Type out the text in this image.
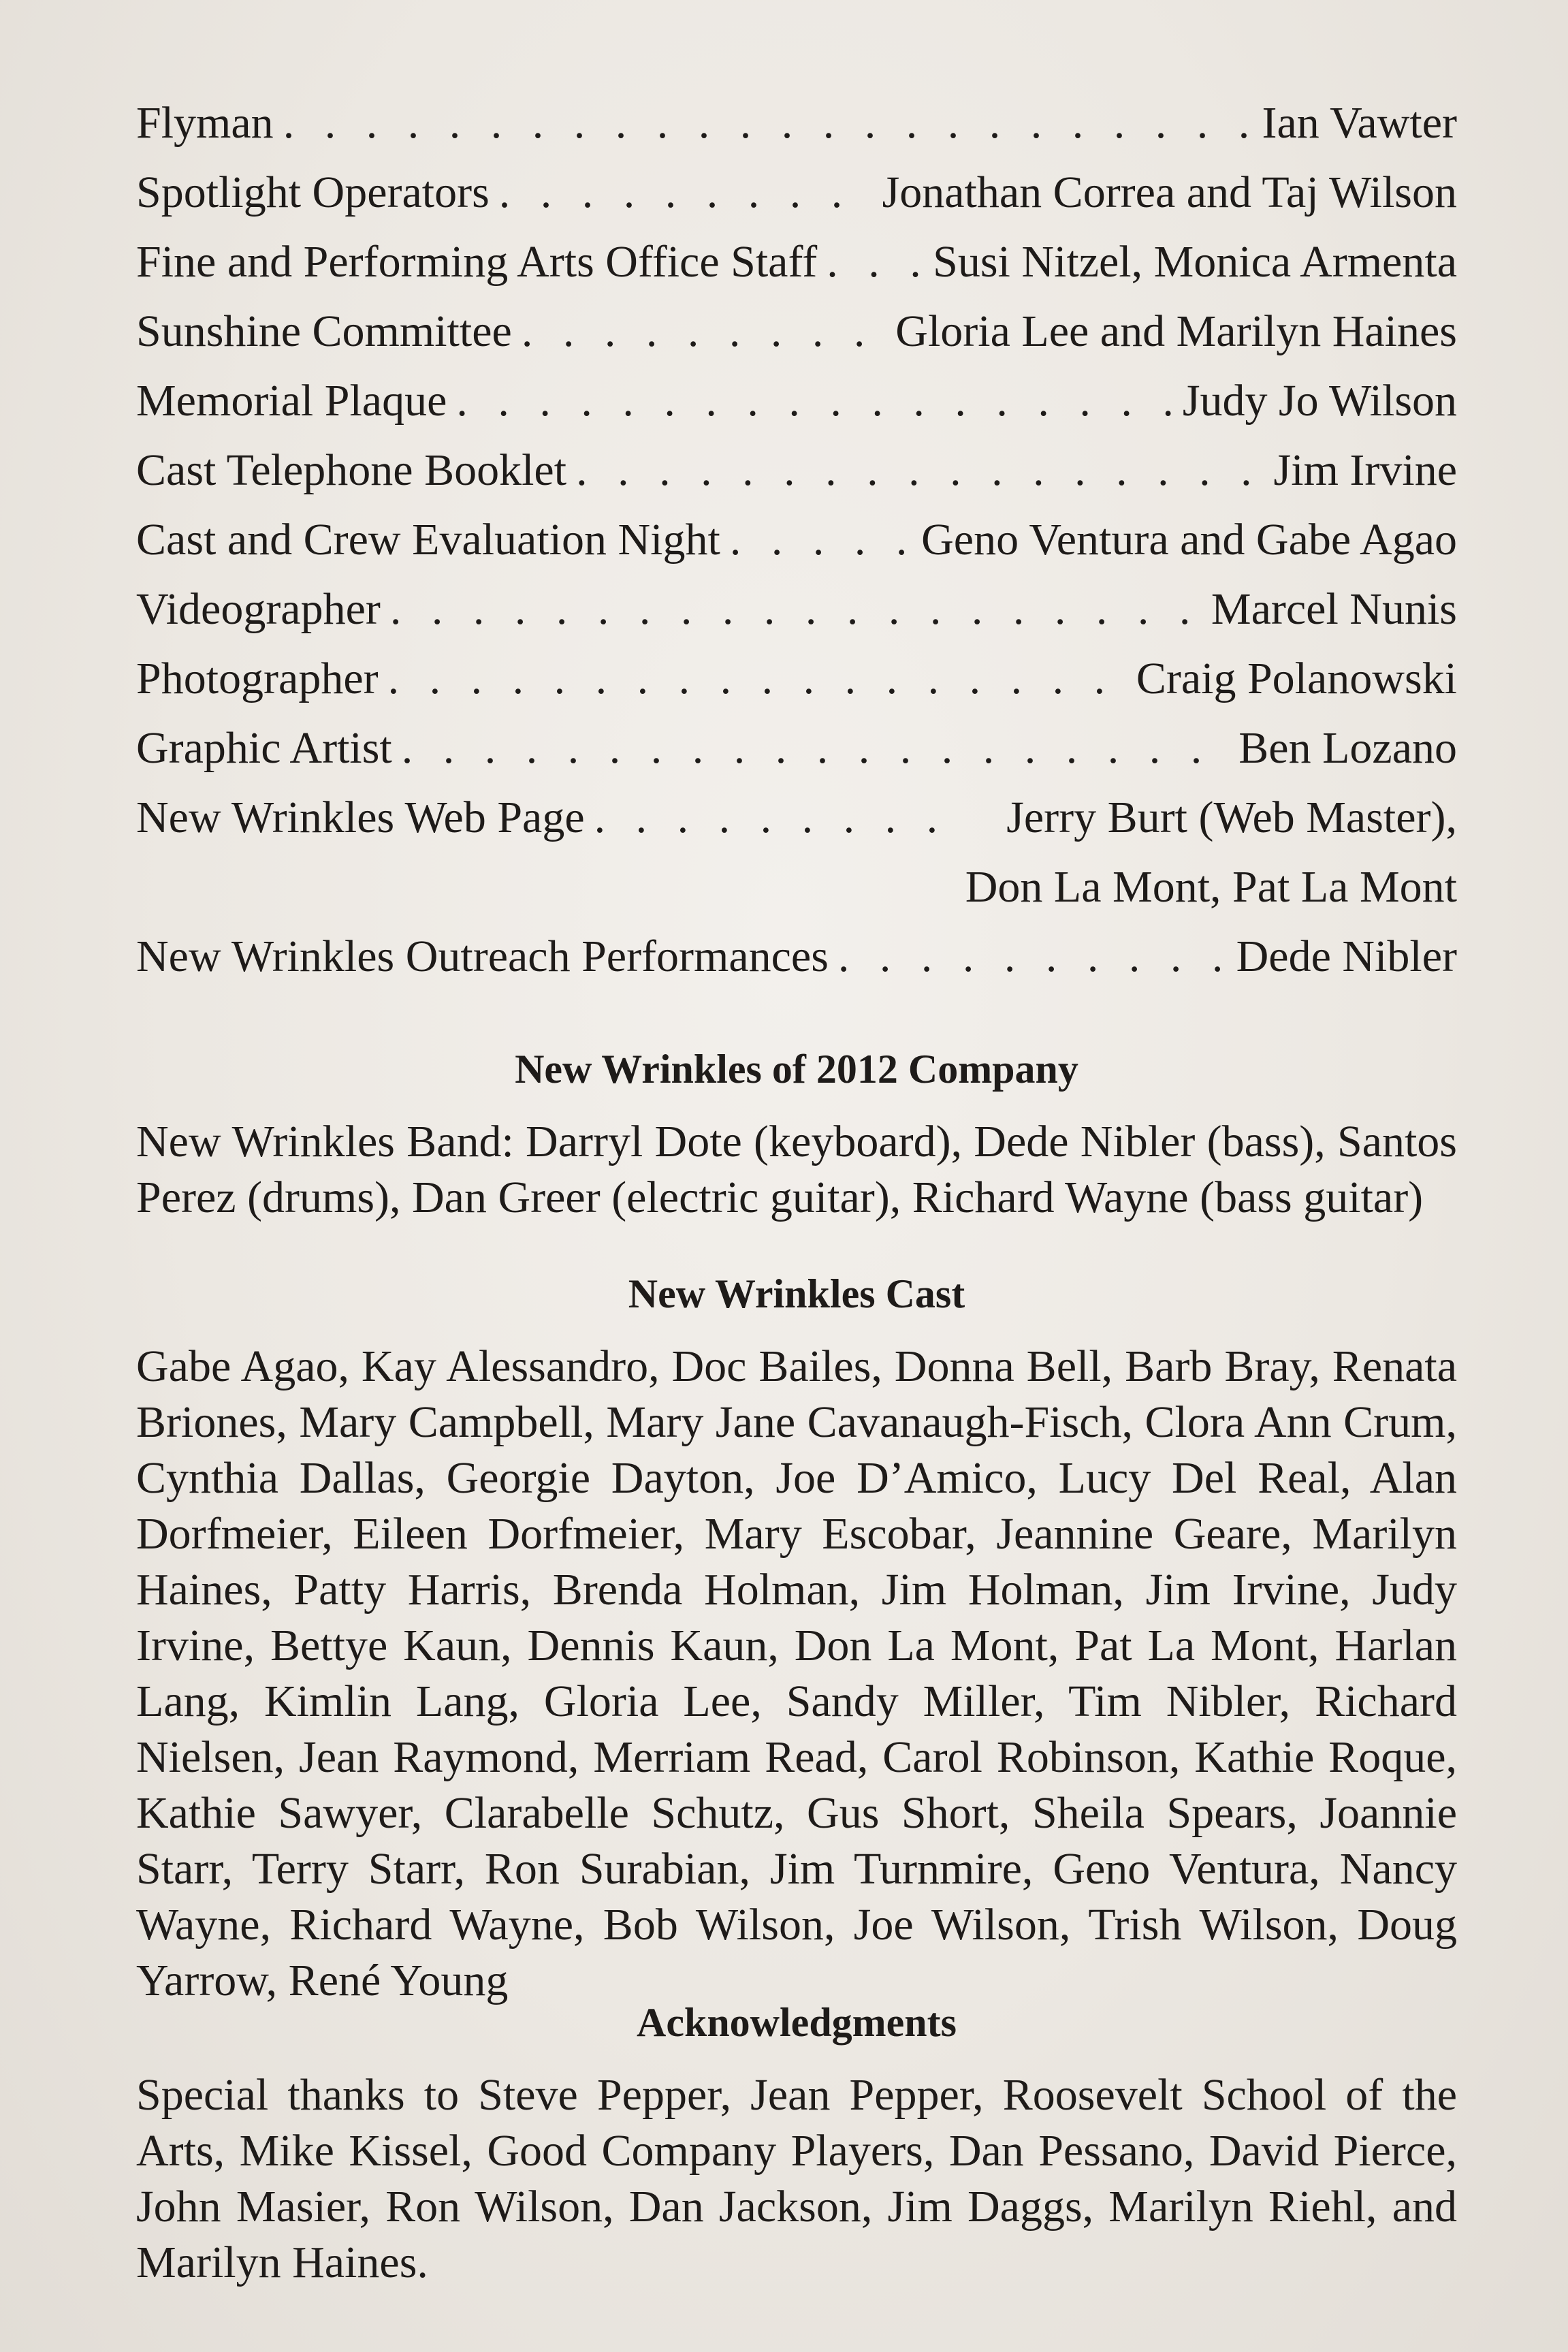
Flyman . . .	Ian Vawter
Spotlight Operators . . .	Jonathan Correa and Taj Wilson
Fine and Performing Arts Office Staff . . .	Susi Nitzel, Monica Armenta
Sunshine Committee . . .	Gloria Lee and Marilyn Haines
Memorial Plaque . . .	Judy Jo Wilson
Cast Telephone Booklet . . .	Jim Irvine
Cast and Crew Evaluation Night . . .	Geno Ventura and Gabe Agao
Videographer . . .	Marcel Nunis
Photographer . . .	Craig Polanowski
Graphic Artist . . .	Ben Lozano
New Wrinkles Web Page . . .	Jerry Burt (Web Master),
Don La Mont, Pat La Mont
New Wrinkles Outreach Performances . . .	Dede Nibler
New Wrinkles of 2012 Company

New Wrinkles Band: Darryl Dote (keyboard), Dede Nibler (bass), Santos Perez (drums), Dan Greer (electric guitar), Richard Wayne (bass guitar)

New Wrinkles Cast

Gabe Agao, Kay Alessandro, Doc Bailes, Donna Bell, Barb Bray, Renata Briones, Mary Campbell, Mary Jane Cavanaugh-Fisch, Clora Ann Crum, Cynthia Dallas, Georgie Dayton, Joe D’Amico, Lucy Del Real, Alan Dorfmeier, Eileen Dorfmeier, Mary Escobar, Jeannine Geare, Marilyn Haines, Patty Harris, Brenda Holman, Jim Holman, Jim Irvine, Judy Irvine, Bettye Kaun, Dennis Kaun, Don La Mont, Pat La Mont, Harlan Lang, Kimlin Lang, Gloria Lee, Sandy Miller, Tim Nibler, Richard Nielsen, Jean Raymond, Merriam Read, Carol Robinson, Kathie Roque, Kathie Sawyer, Clarabelle Schutz, Gus Short, Sheila Spears, Joannie Starr, Terry Starr, Ron Surabian, Jim Turnmire, Geno Ventura, Nancy Wayne, Richard Wayne, Bob Wilson, Joe Wilson, Trish Wilson, Doug Yarrow, René Young

Acknowledgments

Special thanks to Steve Pepper, Jean Pepper, Roosevelt School of the Arts, Mike Kissel, Good Company Players, Dan Pessano, David Pierce, John Masier, Ron Wilson, Dan Jackson, Jim Daggs, Marilyn Riehl, and Marilyn Haines.
